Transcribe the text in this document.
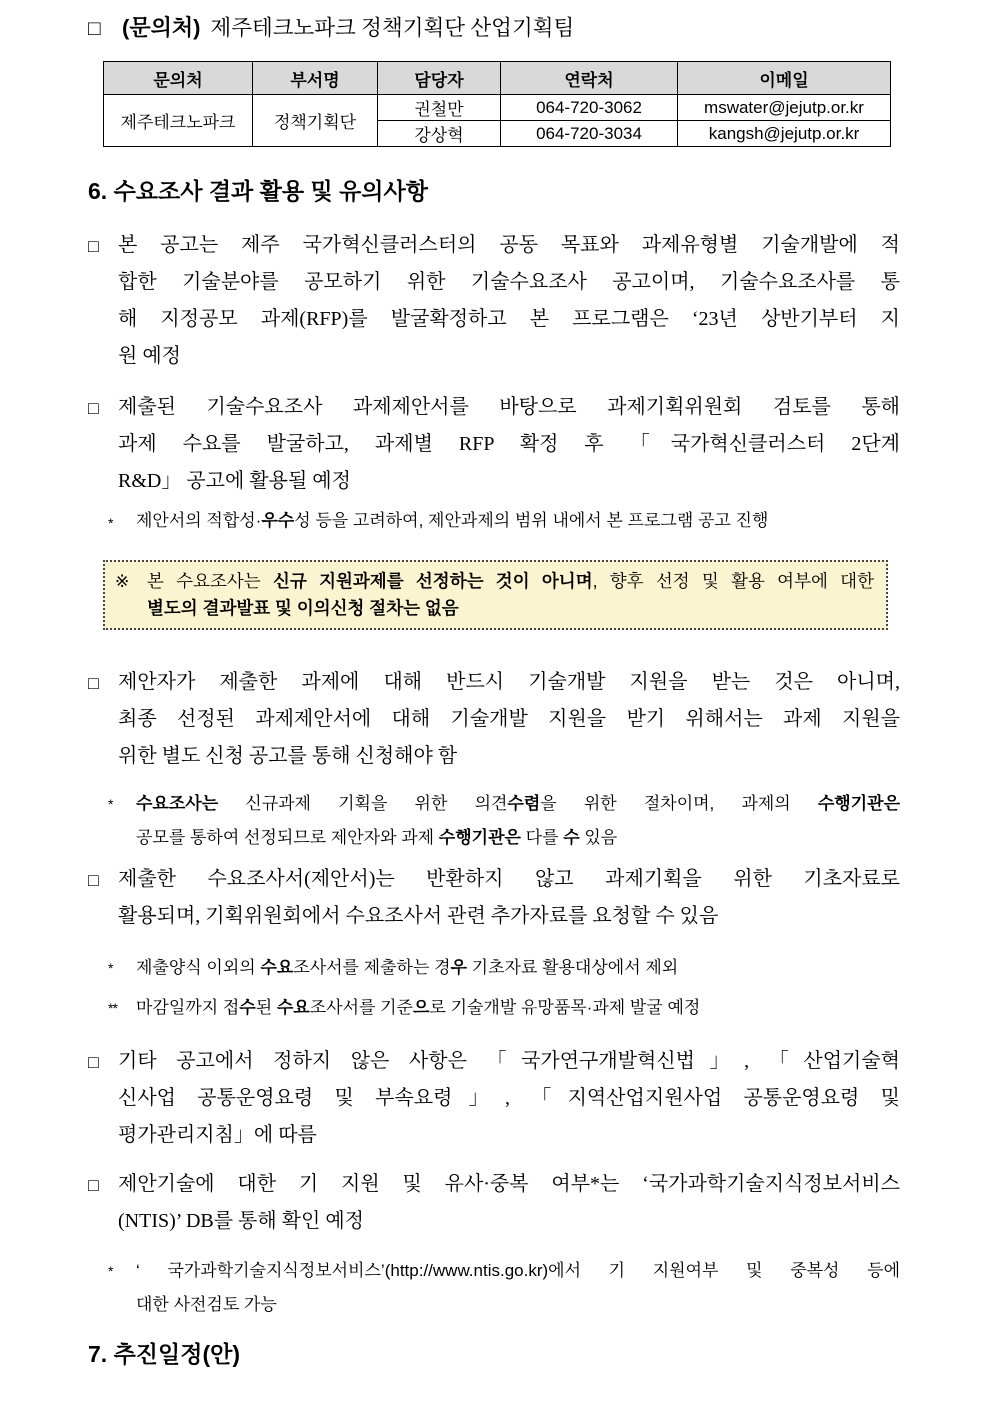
□ (문의처) 제주테크노파크 정책기획단 산업기획팀
문의처	부서명	담당자	연락처	이메일
제주테크노파크	정책기획단	권철만	064-720-3062	mswater@jejutp.or.kr
		강상혁	064-720-3034	kangsh@jejutp.or.kr
6. 수요조사 결과 활용 및 유의사항
□ 본 공고는 제주 국가혁신클러스터의 공동 목표와 과제유형별 기술개발에 적
합한 기술분야를 공모하기 위한 기술수요조사 공고이며, 기술수요조사를 통
해 지정공모 과제(RFP)를 발굴확정하고 본 프로그램은 ‘23년 상반기부터 지
원 예정
□ 제출된 기술수요조사 과제제안서를 바탕으로 과제기획위원회 검토를 통해
과제 수요를 발굴하고, 과제별 RFP 확정 후 「국가혁신클러스터 2단계
R&D」 공고에 활용될 예정
*	제안서의 적합성·우수성 등을 고려하여, 제안과제의 범위 내에서 본 프로그램 공고 진행
※	본 수요조사는 신규 지원과제를 선정하는 것이 아니며, 향후 선정 및 활용 여부에 대한
별도의 결과발표 및 이의신청 절차는 없음
□ 제안자가 제출한 과제에 대해 반드시 기술개발 지원을 받는 것은 아니며,
최종 선정된 과제제안서에 대해 기술개발 지원을 받기 위해서는 과제 지원을
위한 별도 신청 공고를 통해 신청해야 함
*	수요조사는 신규과제 기획을 위한 의견수렴을 위한 절차이며, 과제의 수행기관은
공모를 통하여 선정되므로 제안자와 과제 수행기관은 다를 수 있음
□ 제출한 수요조사서(제안서)는 반환하지 않고 과제기획을 위한 기초자료로
활용되며, 기획위원회에서 수요조사서 관련 추가자료를 요청할 수 있음
*	제출양식 이외의 수요조사서를 제출하는 경우 기초자료 활용대상에서 제외
**	마감일까지 접수된 수요조사서를 기준으로 기술개발 유망품목·과제 발굴 예정
□ 기타 공고에서 정하지 않은 사항은 「국가연구개발혁신법」, 「산업기술혁
신사업 공통운영요령 및 부속요령」, 「지역산업지원사업 공통운영요령 및
평가관리지침」에 따름
□ 제안기술에 대한 기 지원 및 유사·중복 여부*는 ‘국가과학기술지식정보서비스
(NTIS)’ DB를 통해 확인 예정
*	‘ 국가과학기술지식정보서비스’(http://www.ntis.go.kr)에서 기 지원여부 및 중복성 등에
대한 사전검토 가능
7. 추진일정(안)
